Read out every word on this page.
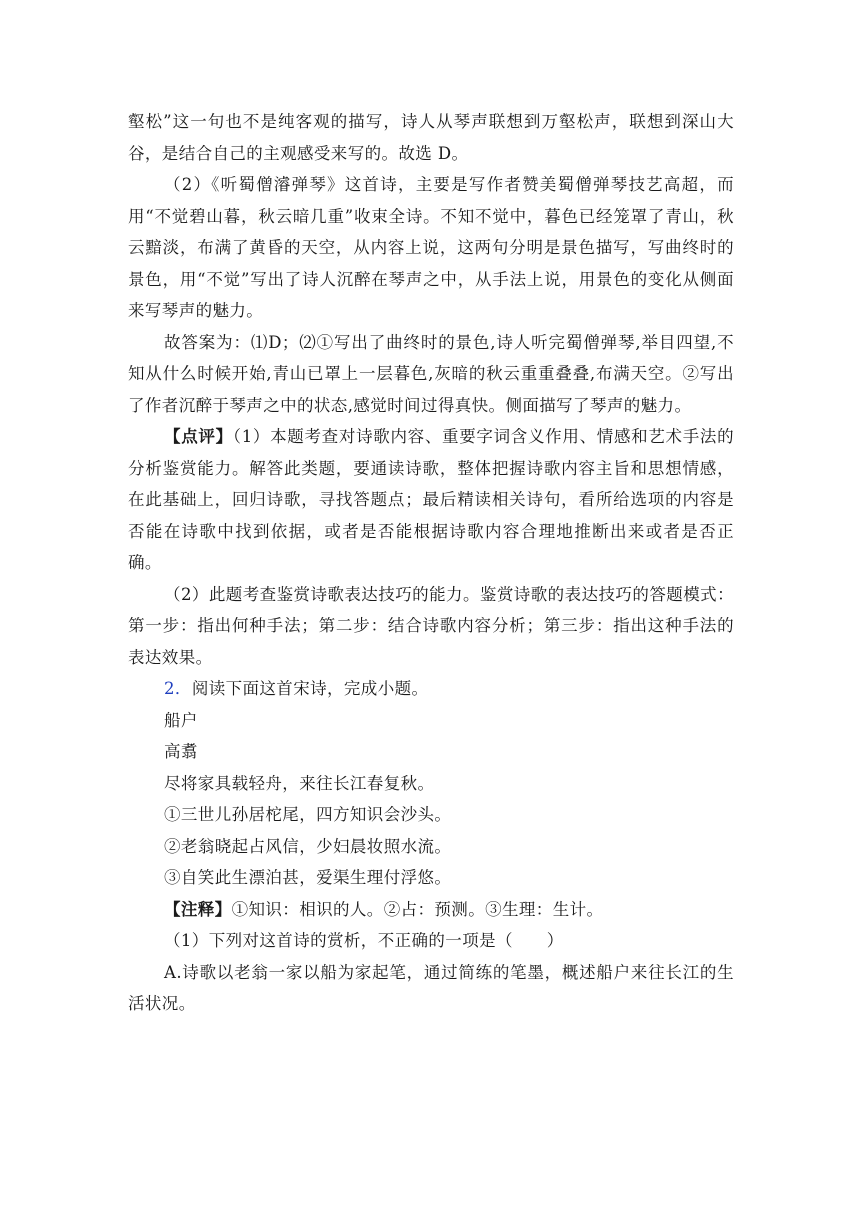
壑松”这一句也不是纯客观的描写，诗人从琴声联想到万壑松声，联想到深山大谷，是结合自己的主观感受来写的。故选 D。

（2）《听蜀僧濬弹琴》这首诗，主要是写作者赞美蜀僧弹琴技艺高超，而用“不觉碧山暮，秋云暗几重”收束全诗。不知不觉中，暮色已经笼罩了青山，秋云黯淡，布满了黄昏的天空，从内容上说，这两句分明是景色描写，写曲终时的景色，用“不觉”写出了诗人沉醉在琴声之中，从手法上说，用景色的变化从侧面来写琴声的魅力。

故答案为：⑴D；⑵①写出了曲终时的景色,诗人听完蜀僧弹琴,举目四望,不知从什么时候开始,青山已罩上一层暮色,灰暗的秋云重重叠叠,布满天空。②写出了作者沉醉于琴声之中的状态,感觉时间过得真快。侧面描写了琴声的魅力。

【点评】（1）本题考查对诗歌内容、重要字词含义作用、情感和艺术手法的分析鉴赏能力。解答此类题，要通读诗歌，整体把握诗歌内容主旨和思想情感，在此基础上，回归诗歌，寻找答题点；最后精读相关诗句，看所给选项的内容是否能在诗歌中找到依据，或者是否能根据诗歌内容合理地推断出来或者是否正确。

（2）此题考查鉴赏诗歌表达技巧的能力。鉴赏诗歌的表达技巧的答题模式：第一步：指出何种手法；第二步：结合诗歌内容分析；第三步：指出这种手法的表达效果。

2．阅读下面这首宋诗，完成小题。

船户

高翥

尽将家具载轻舟，来往长江春复秋。

①三世儿孙居柁尾，四方知识会沙头。

②老翁晓起占风信，少妇晨妆照水流。

③自笑此生漂泊甚，爱渠生理付浮悠。

【注释】①知识：相识的人。②占：预测。③生理：生计。

（1）下列对这首诗的赏析，不正确的一项是（　　）

A.诗歌以老翁一家以船为家起笔，通过简练的笔墨，概述船户来往长江的生活状况。
